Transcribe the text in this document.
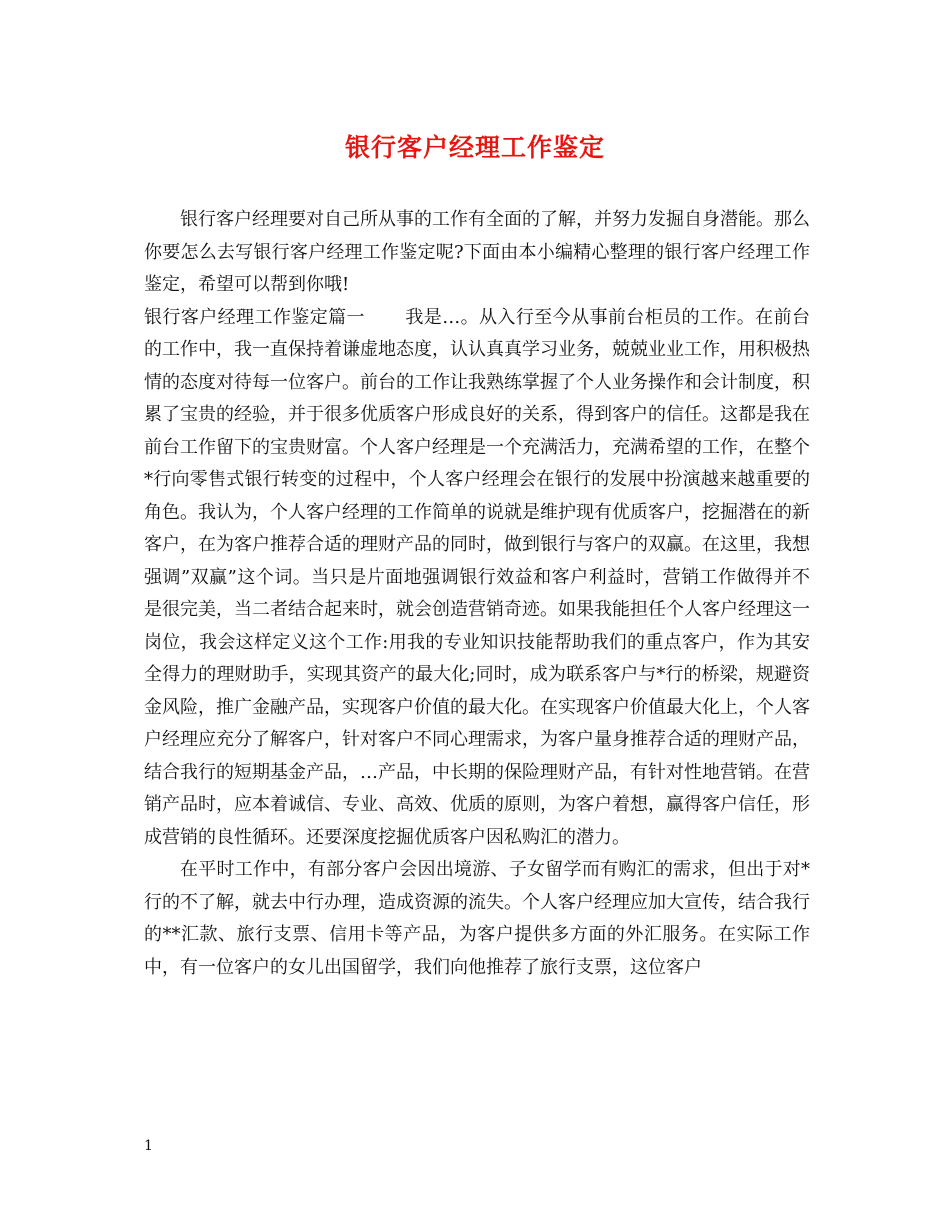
银行客户经理工作鉴定

银行客户经理要对自己所从事的工作有全面的了解，并努力发掘自身潜能。那么你要怎么去写银行客户经理工作鉴定呢?下面由本小编精心整理的银行客户经理工作鉴定，希望可以帮到你哦!

银行客户经理工作鉴定篇一 我是…。从入行至今从事前台柜员的工作。在前台的工作中，我一直保持着谦虚地态度，认认真真学习业务，兢兢业业工作，用积极热情的态度对待每一位客户。前台的工作让我熟练掌握了个人业务操作和会计制度，积累了宝贵的经验，并于很多优质客户形成良好的关系，得到客户的信任。这都是我在前台工作留下的宝贵财富。个人客户经理是一个充满活力，充满希望的工作，在整个*行向零售式银行转变的过程中，个人客户经理会在银行的发展中扮演越来越重要的角色。我认为，个人客户经理的工作简单的说就是维护现有优质客户，挖掘潜在的新客户，在为客户推荐合适的理财产品的同时，做到银行与客户的双赢。在这里，我想强调”双赢”这个词。当只是片面地强调银行效益和客户利益时，营销工作做得并不是很完美，当二者结合起来时，就会创造营销奇迹。如果我能担任个人客户经理这一岗位，我会这样定义这个工作:用我的专业知识技能帮助我们的重点客户，作为其安全得力的理财助手，实现其资产的最大化;同时，成为联系客户与*行的桥梁，规避资金风险，推广金融产品，实现客户价值的最大化。在实现客户价值最大化上，个人客户经理应充分了解客户，针对客户不同心理需求，为客户量身推荐合适的理财产品，结合我行的短期基金产品，…产品，中长期的保险理财产品，有针对性地营销。在营销产品时，应本着诚信、专业、高效、优质的原则，为客户着想，赢得客户信任，形成营销的良性循环。还要深度挖掘优质客户因私购汇的潜力。

在平时工作中，有部分客户会因出境游、子女留学而有购汇的需求，但出于对*行的不了解，就去中行办理，造成资源的流失。个人客户经理应加大宣传，结合我行的**汇款、旅行支票、信用卡等产品，为客户提供多方面的外汇服务。在实际工作中，有一位客户的女儿出国留学，我们向他推荐了旅行支票，这位客户

1
